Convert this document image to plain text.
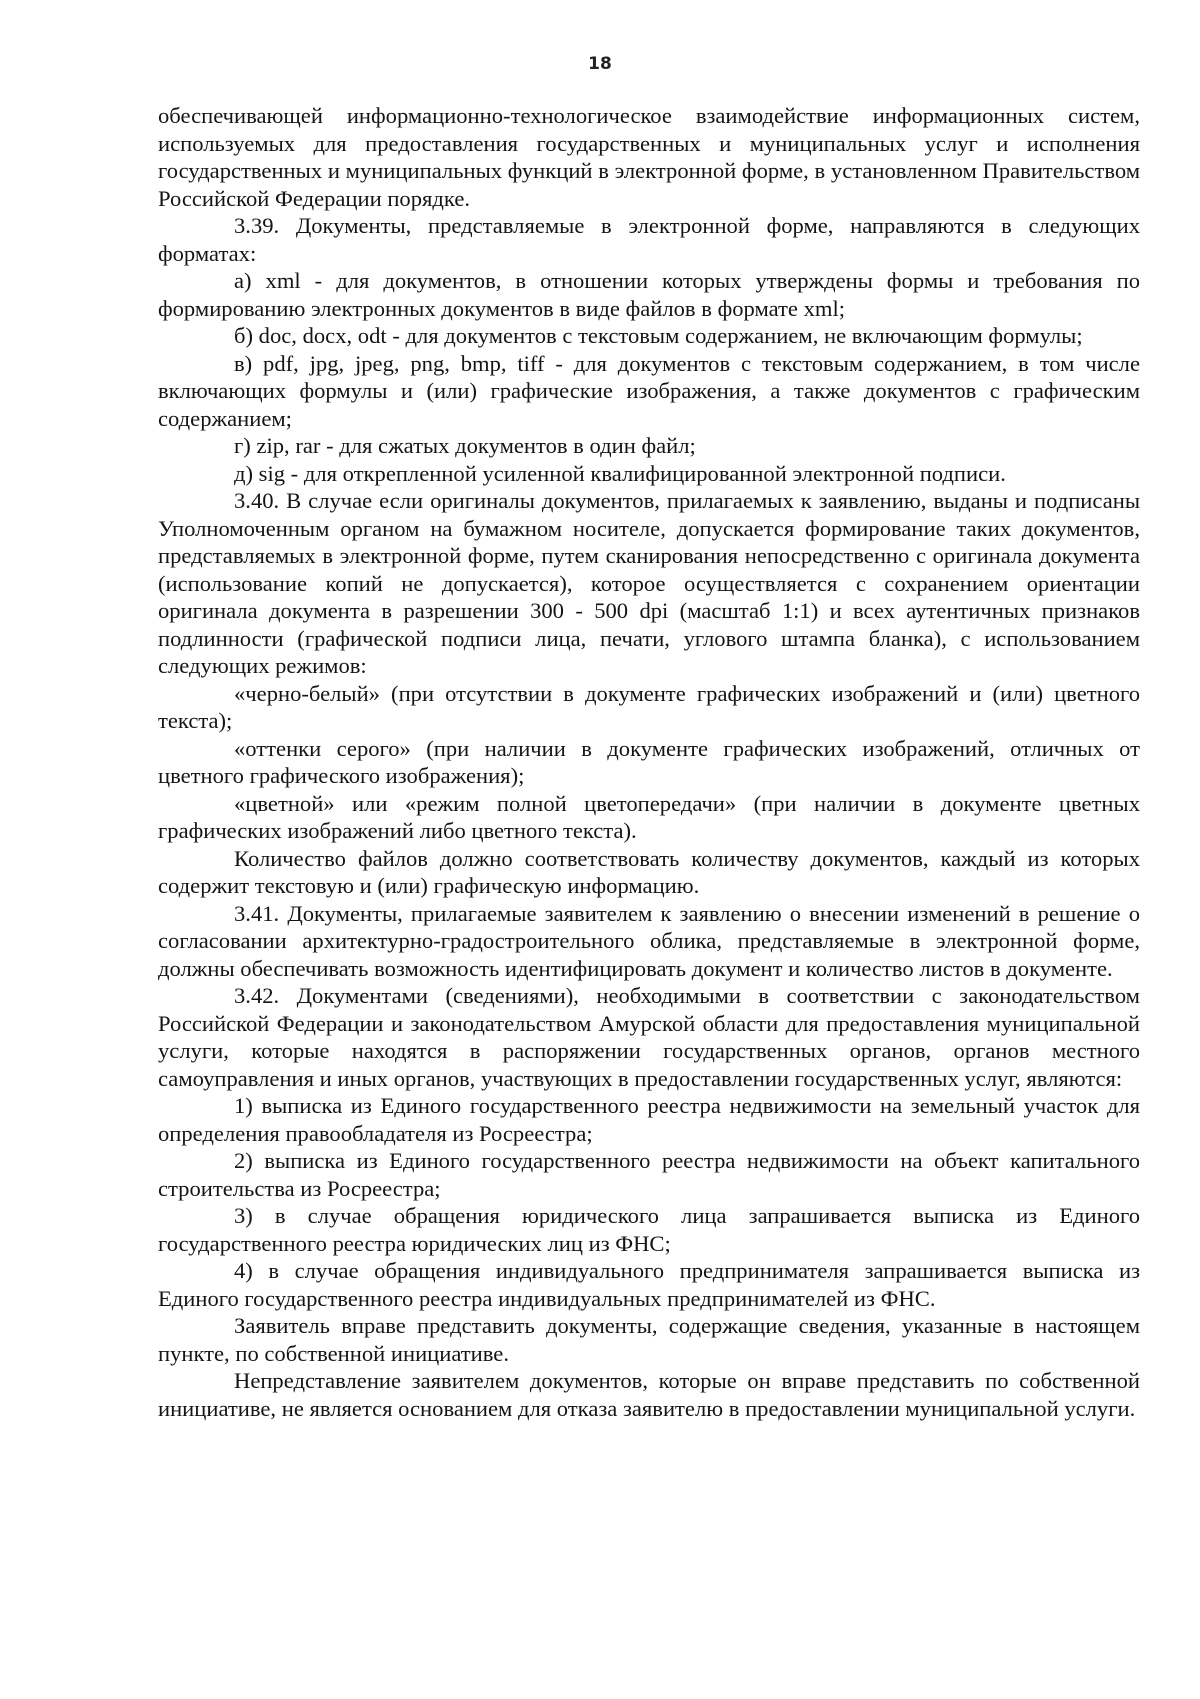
18

обеспечивающей информационно-технологическое взаимодействие информационных систем, используемых для предоставления государственных и муниципальных услуг и исполнения государственных и муниципальных функций в электронной форме, в установленном Правительством Российской Федерации порядке.

3.39. Документы, представляемые в электронной форме, направляются в следующих форматах:

а) xml - для документов, в отношении которых утверждены формы и требования по формированию электронных документов в виде файлов в формате xml;

б) doc, docx, odt - для документов с текстовым содержанием, не включающим формулы;

в) pdf, jpg, jpeg, png, bmp, tiff - для документов с текстовым содержанием, в том числе включающих формулы и (или) графические изображения, а также документов с графическим содержанием;

г) zip, rar - для сжатых документов в один файл;

д) sig - для открепленной усиленной квалифицированной электронной подписи.

3.40. В случае если оригиналы документов, прилагаемых к заявлению, выданы и подписаны Уполномоченным органом на бумажном носителе, допускается формирование таких документов, представляемых в электронной форме, путем сканирования непосредственно с оригинала документа (использование копий не допускается), которое осуществляется с сохранением ориентации оригинала документа в разрешении 300 - 500 dpi (масштаб 1:1) и всех аутентичных признаков подлинности (графической подписи лица, печати, углового штампа бланка), с использованием следующих режимов:

«черно-белый» (при отсутствии в документе графических изображений и (или) цветного текста);

«оттенки серого» (при наличии в документе графических изображений, отличных от цветного графического изображения);

«цветной» или «режим полной цветопередачи» (при наличии в документе цветных графических изображений либо цветного текста).

Количество файлов должно соответствовать количеству документов, каждый из которых содержит текстовую и (или) графическую информацию.

3.41. Документы, прилагаемые заявителем к заявлению о внесении изменений в решение о согласовании архитектурно-градостроительного облика, представляемые в электронной форме, должны обеспечивать возможность идентифицировать документ и количество листов в документе.

3.42. Документами (сведениями), необходимыми в соответствии с законодательством Российской Федерации и законодательством Амурской области для предоставления муниципальной услуги, которые находятся в распоряжении государственных органов, органов местного самоуправления и иных органов, участвующих в предоставлении государственных услуг, являются:

1) выписка из Единого государственного реестра недвижимости на земельный участок для определения правообладателя из Росреестра;

2) выписка из Единого государственного реестра недвижимости на объект капитального строительства из Росреестра;

3) в случае обращения юридического лица запрашивается выписка из Единого государственного реестра юридических лиц из ФНС;

4) в случае обращения индивидуального предпринимателя запрашивается выписка из Единого государственного реестра индивидуальных предпринимателей из ФНС.

Заявитель вправе представить документы, содержащие сведения, указанные в настоящем пункте, по собственной инициативе.

Непредставление заявителем документов, которые он вправе представить по собственной инициативе, не является основанием для отказа заявителю в предоставлении муниципальной услуги.
